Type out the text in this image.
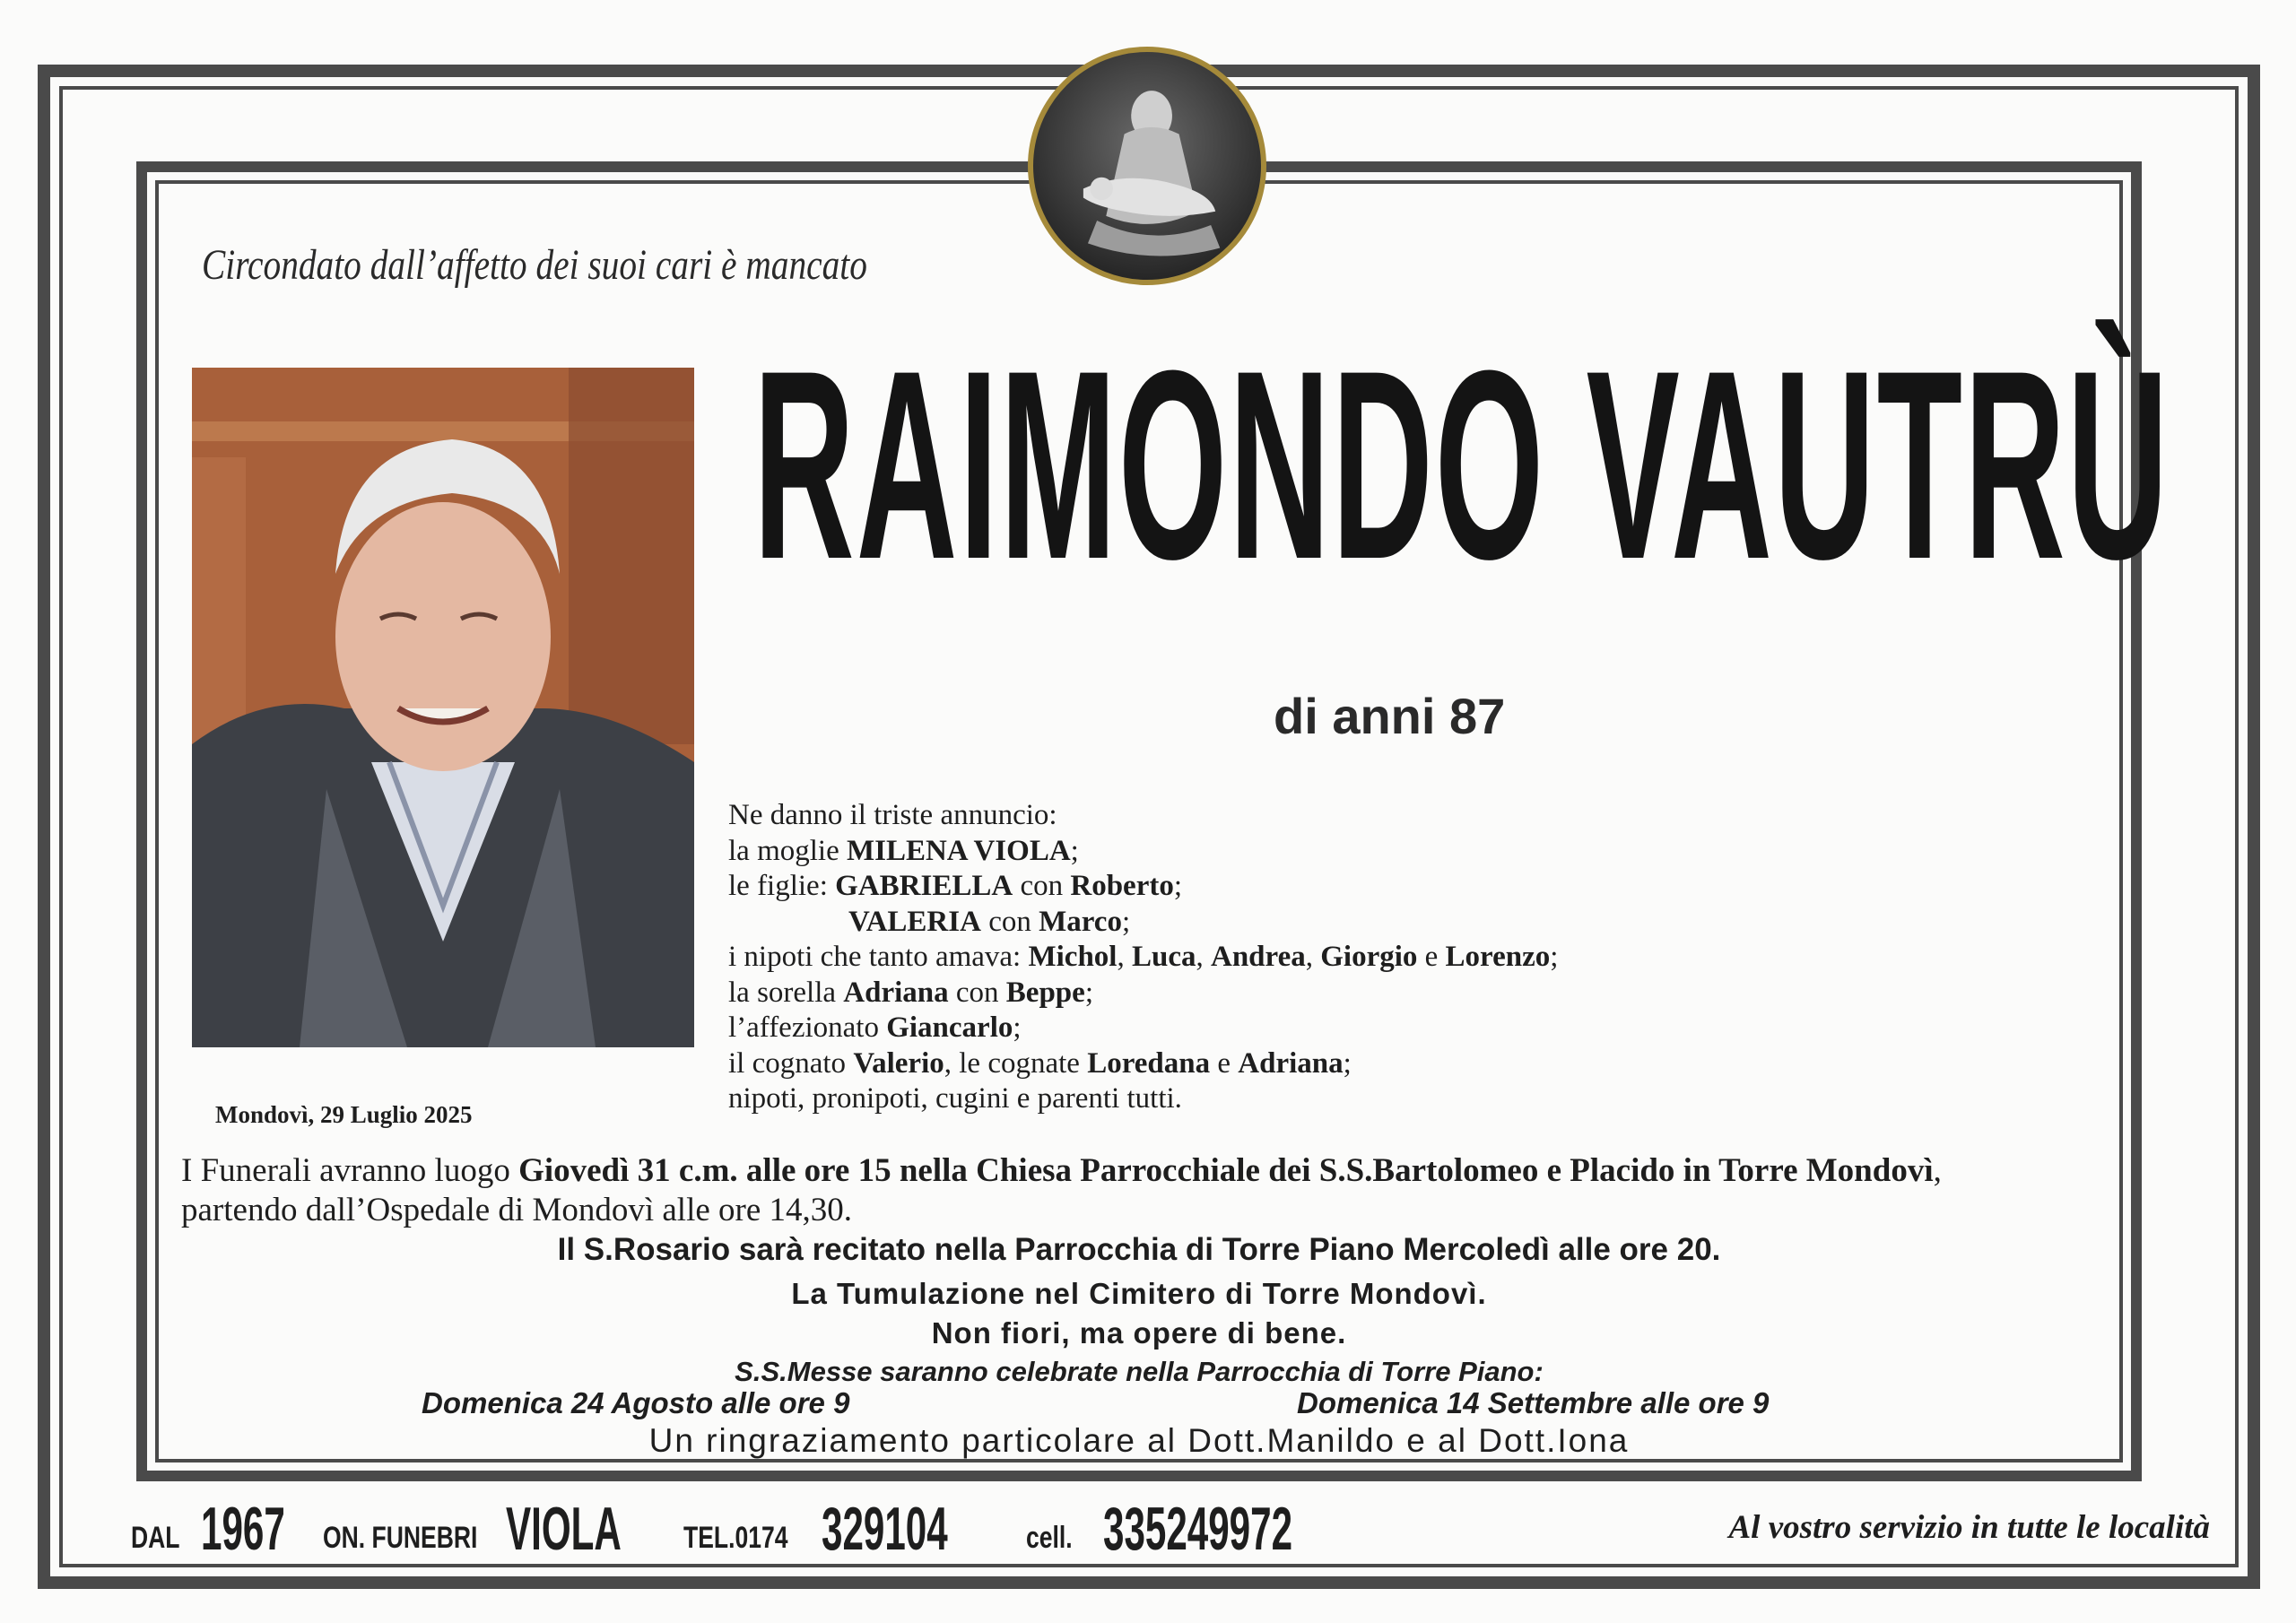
Circondato dall’affetto dei suoi cari è mancato
RAIMONDO VAUTRÙ
di anni 87
Ne danno il triste annuncio:
la moglie MILENA VIOLA;
le figlie: GABRIELLA con Roberto;
VALERIA con Marco;
i nipoti che tanto amava: Michol, Luca, Andrea, Giorgio e Lorenzo;
la sorella Adriana con Beppe;
l’affezionato Giancarlo;
il cognato Valerio, le cognate Loredana e Adriana;
nipoti, pronipoti, cugini e parenti tutti.
Mondovì, 29 Luglio 2025
I Funerali avranno luogo Giovedì 31 c.m. alle ore 15 nella Chiesa Parrocchiale dei S.S.Bartolomeo e Placido in Torre Mondovì,
partendo dall’Ospedale di Mondovì alle ore 14,30.
Il S.Rosario sarà recitato nella Parrocchia di Torre Piano Mercoledì alle ore 20.
La Tumulazione nel Cimitero di Torre Mondovì.
Non fiori, ma opere di bene.
S.S.Messe saranno celebrate nella Parrocchia di Torre Piano:
Domenica 24 Agosto alle ore 9	Domenica 14 Settembre alle ore 9
Un ringraziamento particolare al Dott.Manildo e al Dott.Iona
DAL 1967 ON. FUNEBRI VIOLA TEL.0174 329104	cell. 335249972	Al vostro servizio in tutte le località
